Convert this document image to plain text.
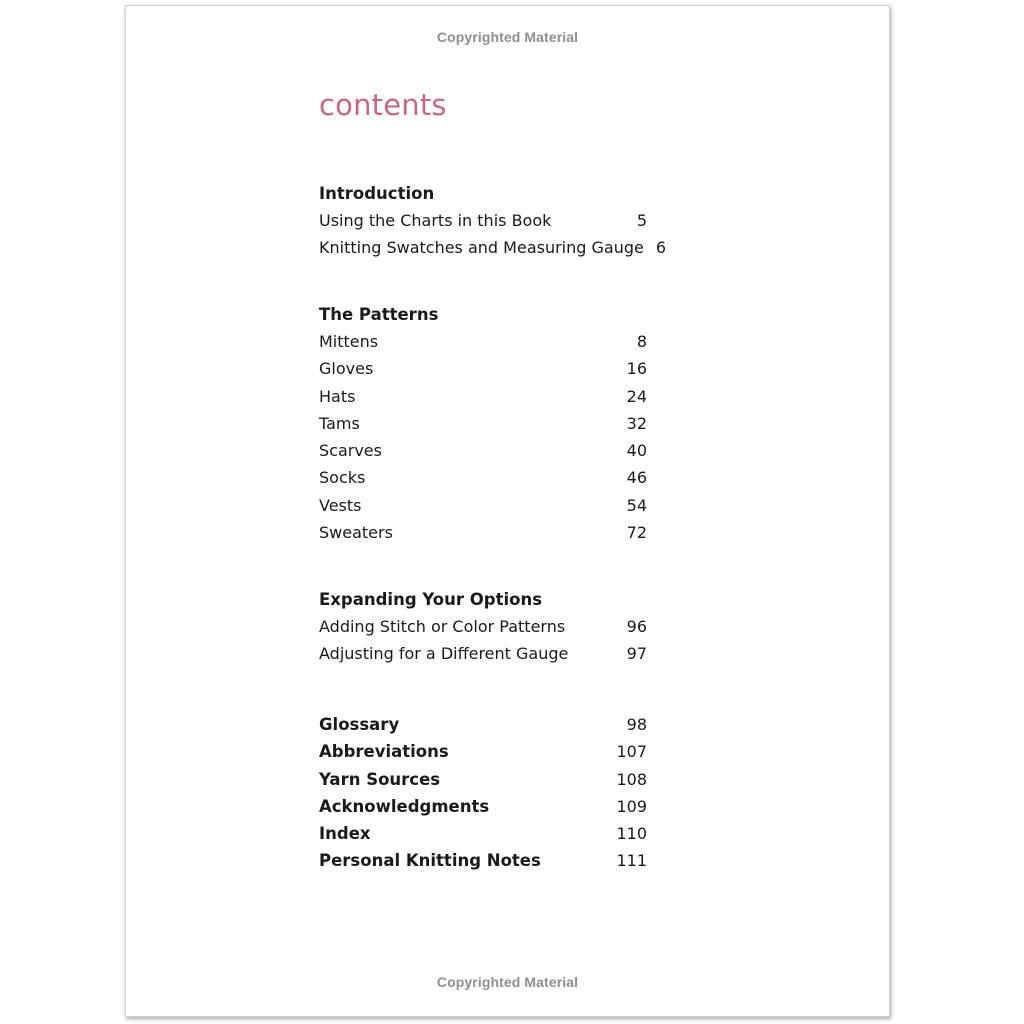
Copyrighted Material
contents
Introduction
Using the Charts in this Book	5
Knitting Swatches and Measuring Gauge 6
The Patterns
Mittens	8
Gloves	16
Hats	24
Tams	32
Scarves	40
Socks	46
Vests	54
Sweaters	72
Expanding Your Options
Adding Stitch or Color Patterns	96
Adjusting for a Different Gauge	97
Glossary	98
Abbreviations	107
Yarn Sources	108
Acknowledgments	109
Index	110
Personal Knitting Notes	111
Copyrighted Material
